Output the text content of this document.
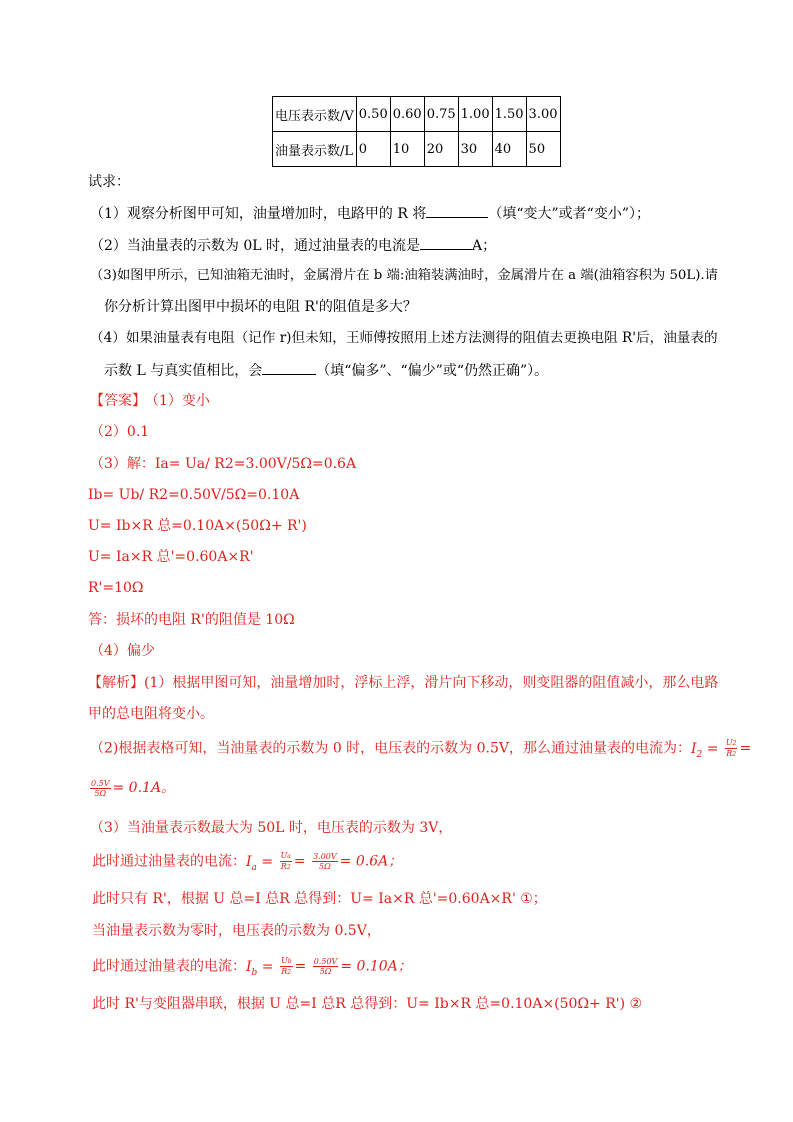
电压表示数/V	0.50	0.60	0.75	1.00	1.50	3.00
油量表示数/L	0	10	20	30	40	50
试求：
（1）观察分析图甲可知，油量增加时，电路甲的 R 将	（填“变大”或者“变小”）；
（2）当油量表的示数为 0L 时，通过油量表的电流是	A；
（3)如图甲所示，已知油箱无油时，金属滑片在 b 端:油箱装满油时，金属滑片在 a 端(油箱容积为 50L).请
你分析计算出图甲中损坏的电阻 R'的阻值是多大？
（4）如果油量表有电阻（记作 r)但未知，王师傅按照用上述方法测得的阻值去更换电阻 R'后，油量表的
示数 L 与真实值相比，会	（填“偏多”、“偏少”或“仍然正确”）。
【答案】 （1）变小
（2）0.1
（3）解：Ia= Ua/ R2=3.00V/5Ω=0.6A
Ib= Ub/ R2=0.50V/5Ω=0.10A
U= Ib×R 总=0.10A×(50Ω+ R')
U= Ia×R 总'=0.60A×R'
R'=10Ω
答：损坏的电阻 R'的阻值是 10Ω
（4）偏少
【解析】(1）根据甲图可知，油量增加时，浮标上浮，滑片向下移动，则变阻器的阻值减小，那么电路
甲的总电阻将变小。
（2)根据表格可知，当油量表的示数为 0 时，电压表的示数为 0.5V，那么通过油量表的电流为：$I_2 = \frac{U2}{R2}$ =
$\frac{0.5V}{5\Omega} = 0.1A$。
（3）当油量表示数最大为 50L 时，电压表的示数为 3V，
此时通过油量表的电流：$I_a = \frac{Ua}{R2} = \frac{3.00V}{5\Omega} = 0.6A$；
此时只有 R'，根据 U 总=I 总R 总得到：U= Ia×R 总'=0.60A×R' ①；
当油量表示数为零时，电压表的示数为 0.5V，
此时通过油量表的电流：$I_b = \frac{Ub}{R2} = \frac{0.50V}{5\Omega} = 0.10A$；
此时 R'与变阻器串联，根据 U 总=I 总R 总得到：U= Ib×R 总=0.10A×(50Ω+ R') ②
